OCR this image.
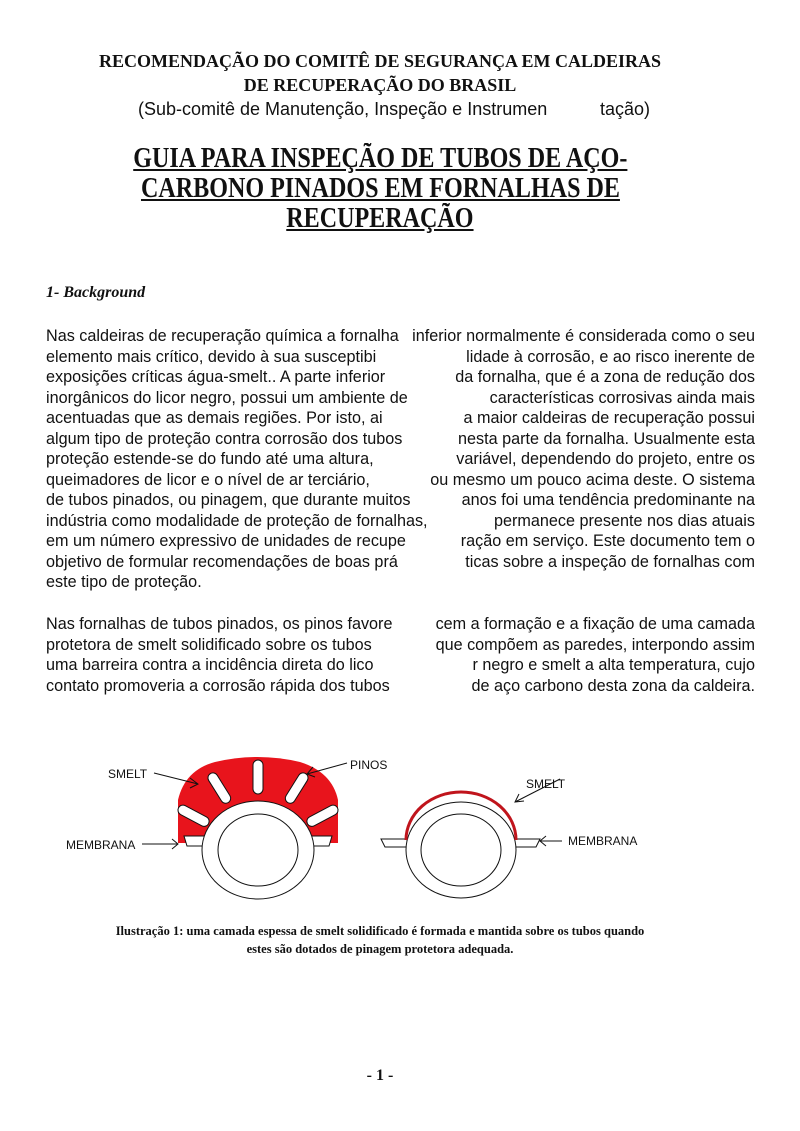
RECOMENDAÇÃO DO COMITÊ DE SEGURANÇA EM CALDEIRAS
DE RECUPERAÇÃO DO BRASIL
(Sub-comitê de Manutenção, Inspeção e Instrumen	tação)
GUIA PARA INSPEÇÃO DE TUBOS DE AÇO-
CARBONO PINADOS EM FORNALHAS DE
RECUPERAÇÃO
1- Background
Nas caldeiras de recuperação química a fornalha inferior normalmente é considerada como o seu
elemento mais crítico, devido à sua susceptibi	lidade à corrosão, e ao risco inerente de
exposições críticas água-smelt.. A parte inferior	da fornalha, que é a zona de redução dos
inorgânicos do licor negro, possui um ambiente de	características corrosivas ainda mais
acentuadas que as demais regiões. Por isto, ai	a maior caldeiras de recuperação possui
algum tipo de proteção contra corrosão dos tubos	nesta parte da fornalha. Usualmente esta
proteção estende-se do fundo até uma altura,	variável, dependendo do projeto, entre os
queimadores de licor e o nível de ar terciário,	ou mesmo um pouco acima deste. O sistema
de tubos pinados, ou pinagem, que durante muitos	anos foi uma tendência predominante na
indústria como modalidade de proteção de fornalhas,	permanece presente nos dias atuais
em um número expressivo de unidades de recupe	ração em serviço. Este documento tem o
objetivo de formular recomendações de boas prá	ticas sobre a inspeção de fornalhas com
este tipo de proteção.
Nas fornalhas de tubos pinados, os pinos favore	cem a formação e a fixação de uma camada
protetora de smelt solidificado sobre os tubos	que compõem as paredes, interpondo assim
uma barreira contra a incidência direta do lico	r negro e smelt a alta temperatura, cujo
contato promoveria a corrosão rápida dos tubos	de aço carbono desta zona da caldeira.
SMELT
PINOS
SMELT
MEMBRANA	MEMBRANA
Ilustração 1: uma camada espessa de smelt solidificado é formada e mantida sobre os tubos quando
estes são dotados de pinagem protetora adequada.
- 1 -
